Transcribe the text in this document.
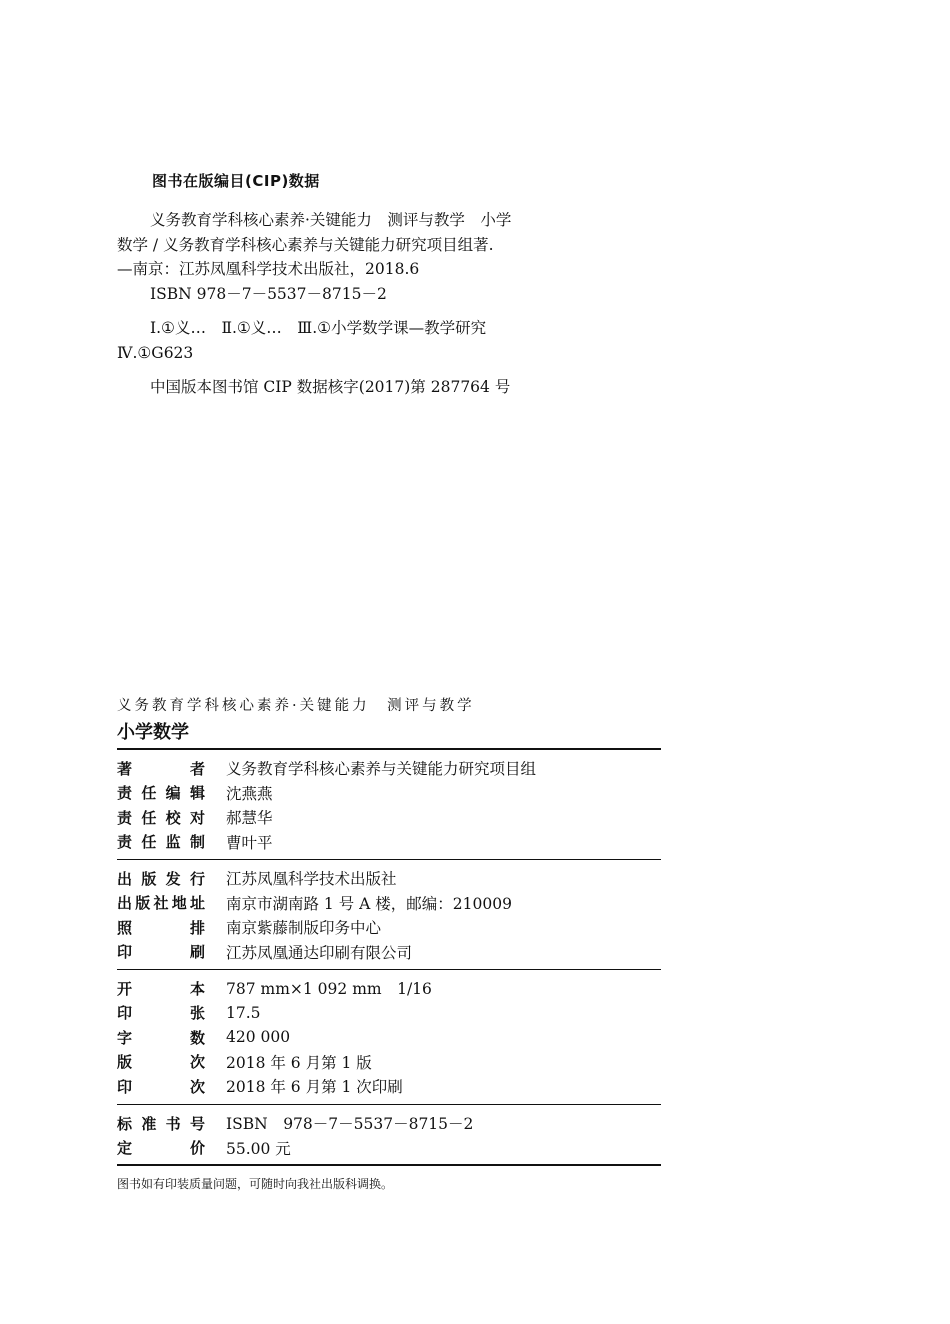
图书在版编目(CIP)数据
义务教育学科核心素养·关键能力　测评与教学　小学
数学 / 义务教育学科核心素养与关键能力研究项目组著.
—南京：江苏凤凰科学技术出版社，2018.6
ISBN 978－7－5537－8715－2
Ⅰ.①义…　Ⅱ.①义…　Ⅲ.①小学数学课—教学研究
Ⅳ.①G623
中国版本图书馆 CIP 数据核字(2017)第 287764 号
义务教育学科核心素养·关键能力　测评与教学
小学数学
著	者 义务教育学科核心素养与关键能力研究项目组
责 任 编 辑 沈燕燕
责 任 校 对 郝慧华
责 任 监 制 曹叶平
出 版 发 行 江苏凤凰科学技术出版社
出 版 社 地 址 南京市湖南路 1 号 A 楼，邮编：210009
照	排 南京紫藤制版印务中心
印	刷 江苏凤凰通达印刷有限公司
开	本 787 mm×1 092 mm　1/16
印	张 17.5
字	数 420 000
版	次 2018 年 6 月第 1 版
印	次 2018 年 6 月第 1 次印刷
标 准 书 号 ISBN　978－7－5537－8715－2
定	价 55.00 元
图书如有印装质量问题，可随时向我社出版科调换。
